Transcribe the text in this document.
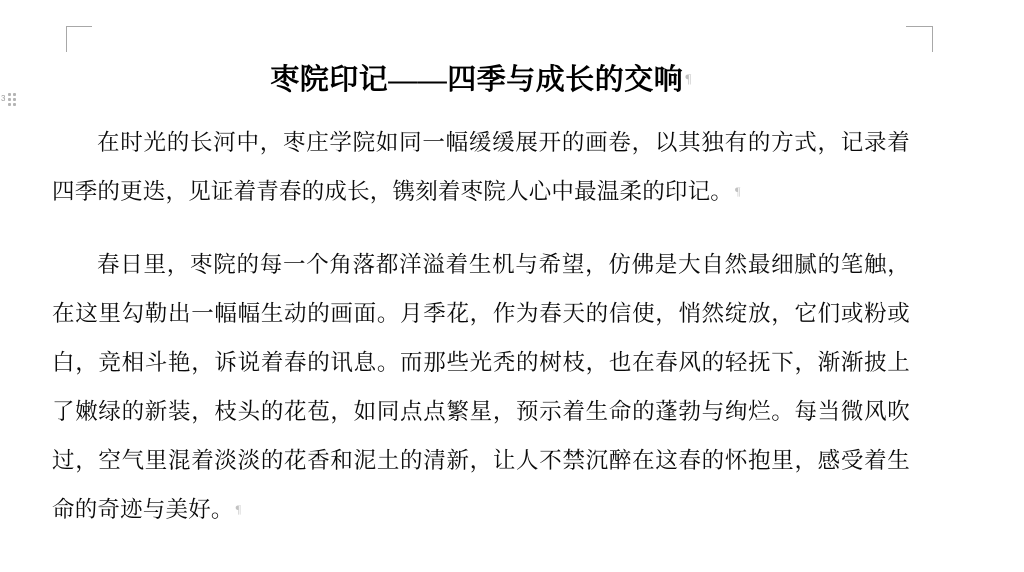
3
枣院印记——四季与成长的交响 ¶

在时光的长河中，枣庄学院如同一幅缓缓展开的画卷，以其独有的方式，记录着四季的更迭，见证着青春的成长，镌刻着枣院人心中最温柔的印记。 ¶

春日里，枣院的每一个角落都洋溢着生机与希望，仿佛是大自然最细腻的笔触，在这里勾勒出一幅幅生动的画面。月季花，作为春天的信使，悄然绽放，它们或粉或白，竞相斗艳，诉说着春的讯息。而那些光秃的树枝，也在春风的轻抚下，渐渐披上了嫩绿的新装，枝头的花苞，如同点点繁星，预示着生命的蓬勃与绚烂。每当微风吹过，空气里混着淡淡的花香和泥土的清新，让人不禁沉醉在这春的怀抱里，感受着生命的奇迹与美好。 ¶
